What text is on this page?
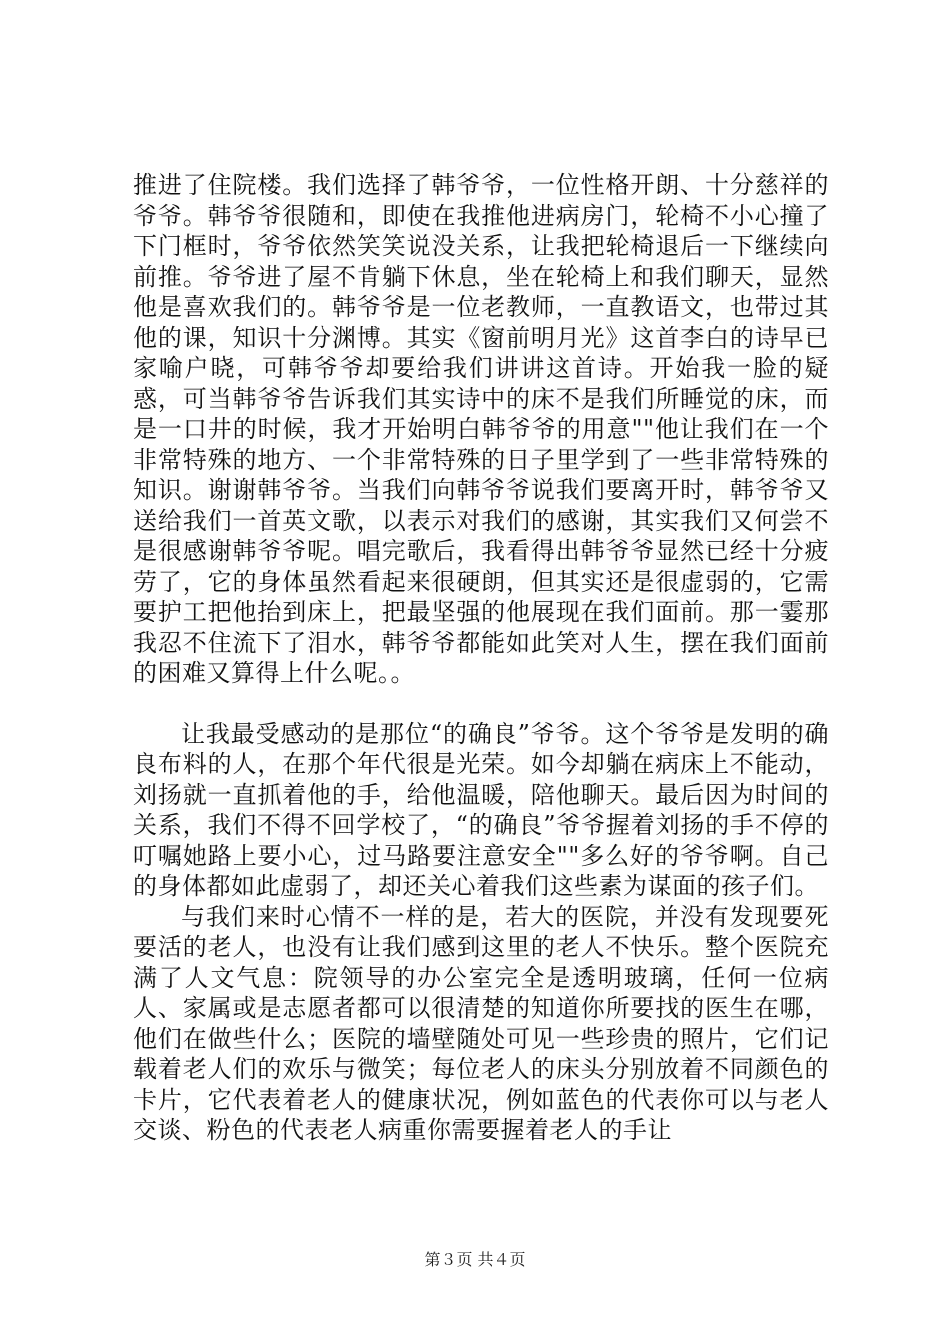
推进了住院楼。我们选择了韩爷爷，一位性格开朗、十分慈祥的爷爷。韩爷爷很随和，即使在我推他进病房门，轮椅不小心撞了下门框时，爷爷依然笑笑说没关系，让我把轮椅退后一下继续向前推。爷爷进了屋不肯躺下休息，坐在轮椅上和我们聊天，显然他是喜欢我们的。韩爷爷是一位老教师，一直教语文，也带过其他的课，知识十分渊博。其实《窗前明月光》这首李白的诗早已家喻户晓，可韩爷爷却要给我们讲讲这首诗。开始我一脸的疑惑，可当韩爷爷告诉我们其实诗中的床不是我们所睡觉的床，而是一口井的时候，我才开始明白韩爷爷的用意""他让我们在一个非常特殊的地方、一个非常特殊的日子里学到了一些非常特殊的知识。谢谢韩爷爷。当我们向韩爷爷说我们要离开时，韩爷爷又送给我们一首英文歌，以表示对我们的感谢，其实我们又何尝不是很感谢韩爷爷呢。唱完歌后，我看得出韩爷爷显然已经十分疲劳了，它的身体虽然看起来很硬朗，但其实还是很虚弱的，它需要护工把他抬到床上，把最坚强的他展现在我们面前。那一霎那我忍不住流下了泪水，韩爷爷都能如此笑对人生，摆在我们面前的困难又算得上什么呢。。

让我最受感动的是那位“的确良”爷爷。这个爷爷是发明的确良布料的人，在那个年代很是光荣。如今却躺在病床上不能动，刘扬就一直抓着他的手，给他温暖，陪他聊天。最后因为时间的关系，我们不得不回学校了，“的确良”爷爷握着刘扬的手不停的叮嘱她路上要小心，过马路要注意安全""多么好的爷爷啊。自己的身体都如此虚弱了，却还关心着我们这些素为谋面的孩子们。

与我们来时心情不一样的是，若大的医院，并没有发现要死要活的老人，也没有让我们感到这里的老人不快乐。整个医院充满了人文气息：院领导的办公室完全是透明玻璃，任何一位病人、家属或是志愿者都可以很清楚的知道你所要找的医生在哪，他们在做些什么；医院的墙壁随处可见一些珍贵的照片，它们记载着老人们的欢乐与微笑；每位老人的床头分别放着不同颜色的卡片，它代表着老人的健康状况，例如蓝色的代表你可以与老人交谈、粉色的代表老人病重你需要握着老人的手让

第３页 共４页
